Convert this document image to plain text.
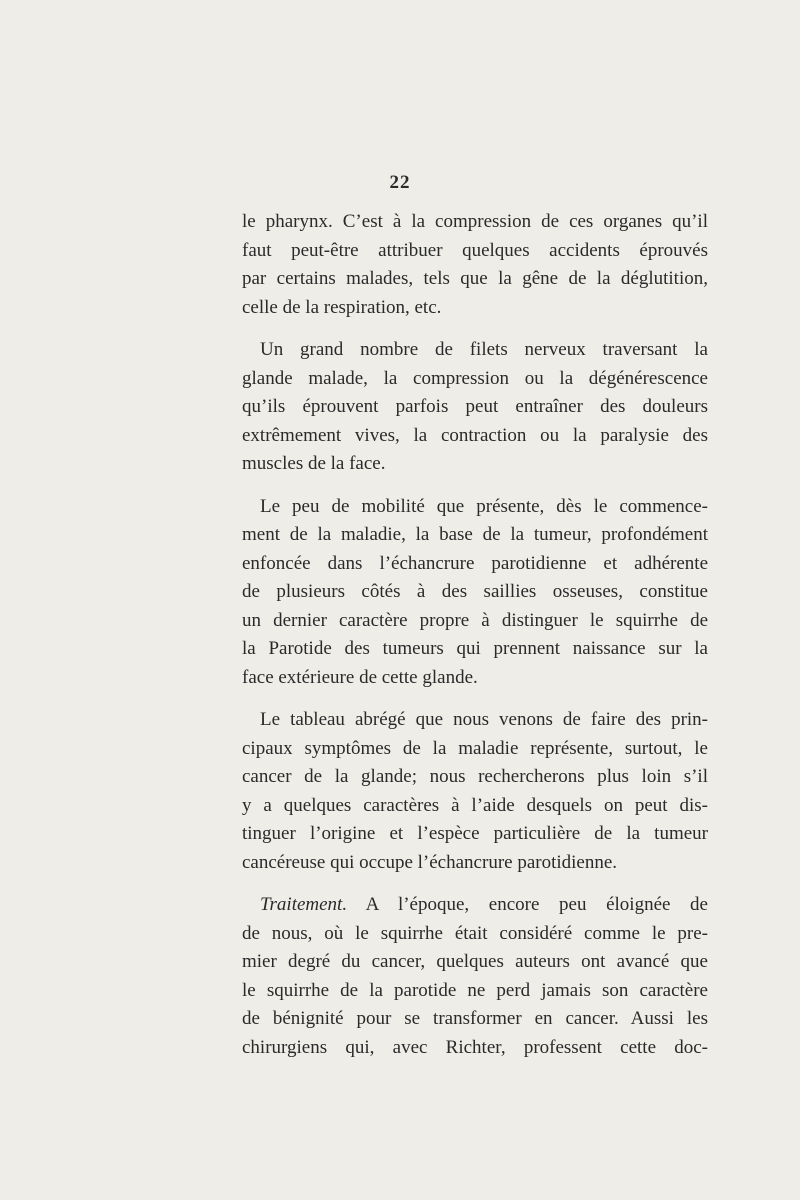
22
le pharynx. C’est à la compression de ces organes qu’il
faut peut-être attribuer quelques accidents éprouvés
par certains malades, tels que la gêne de la déglutition,
celle de la respiration, etc.
Un grand nombre de filets nerveux traversant la
glande malade, la compression ou la dégénérescence
qu’ils éprouvent parfois peut entraîner des douleurs
extrêmement vives, la contraction ou la paralysie des
muscles de la face.
Le peu de mobilité que présente, dès le commence-
ment de la maladie, la base de la tumeur, profondément
enfoncée dans l’échancrure parotidienne et adhérente
de plusieurs côtés à des saillies osseuses, constitue
un dernier caractère propre à distinguer le squirrhe de
la Parotide des tumeurs qui prennent naissance sur la
face extérieure de cette glande.
Le tableau abrégé que nous venons de faire des prin-
cipaux symptômes de la maladie représente, surtout, le
cancer de la glande; nous rechercherons plus loin s’il
y a quelques caractères à l’aide desquels on peut dis-
tinguer l’origine et l’espèce particulière de la tumeur
cancéreuse qui occupe l’échancrure parotidienne.
Traitement. A l’époque, encore peu éloignée de
de nous, où le squirrhe était considéré comme le pre-
mier degré du cancer, quelques auteurs ont avancé que
le squirrhe de la parotide ne perd jamais son caractère
de bénignité pour se transformer en cancer. Aussi les
chirurgiens qui, avec Richter, professent cette doc-
